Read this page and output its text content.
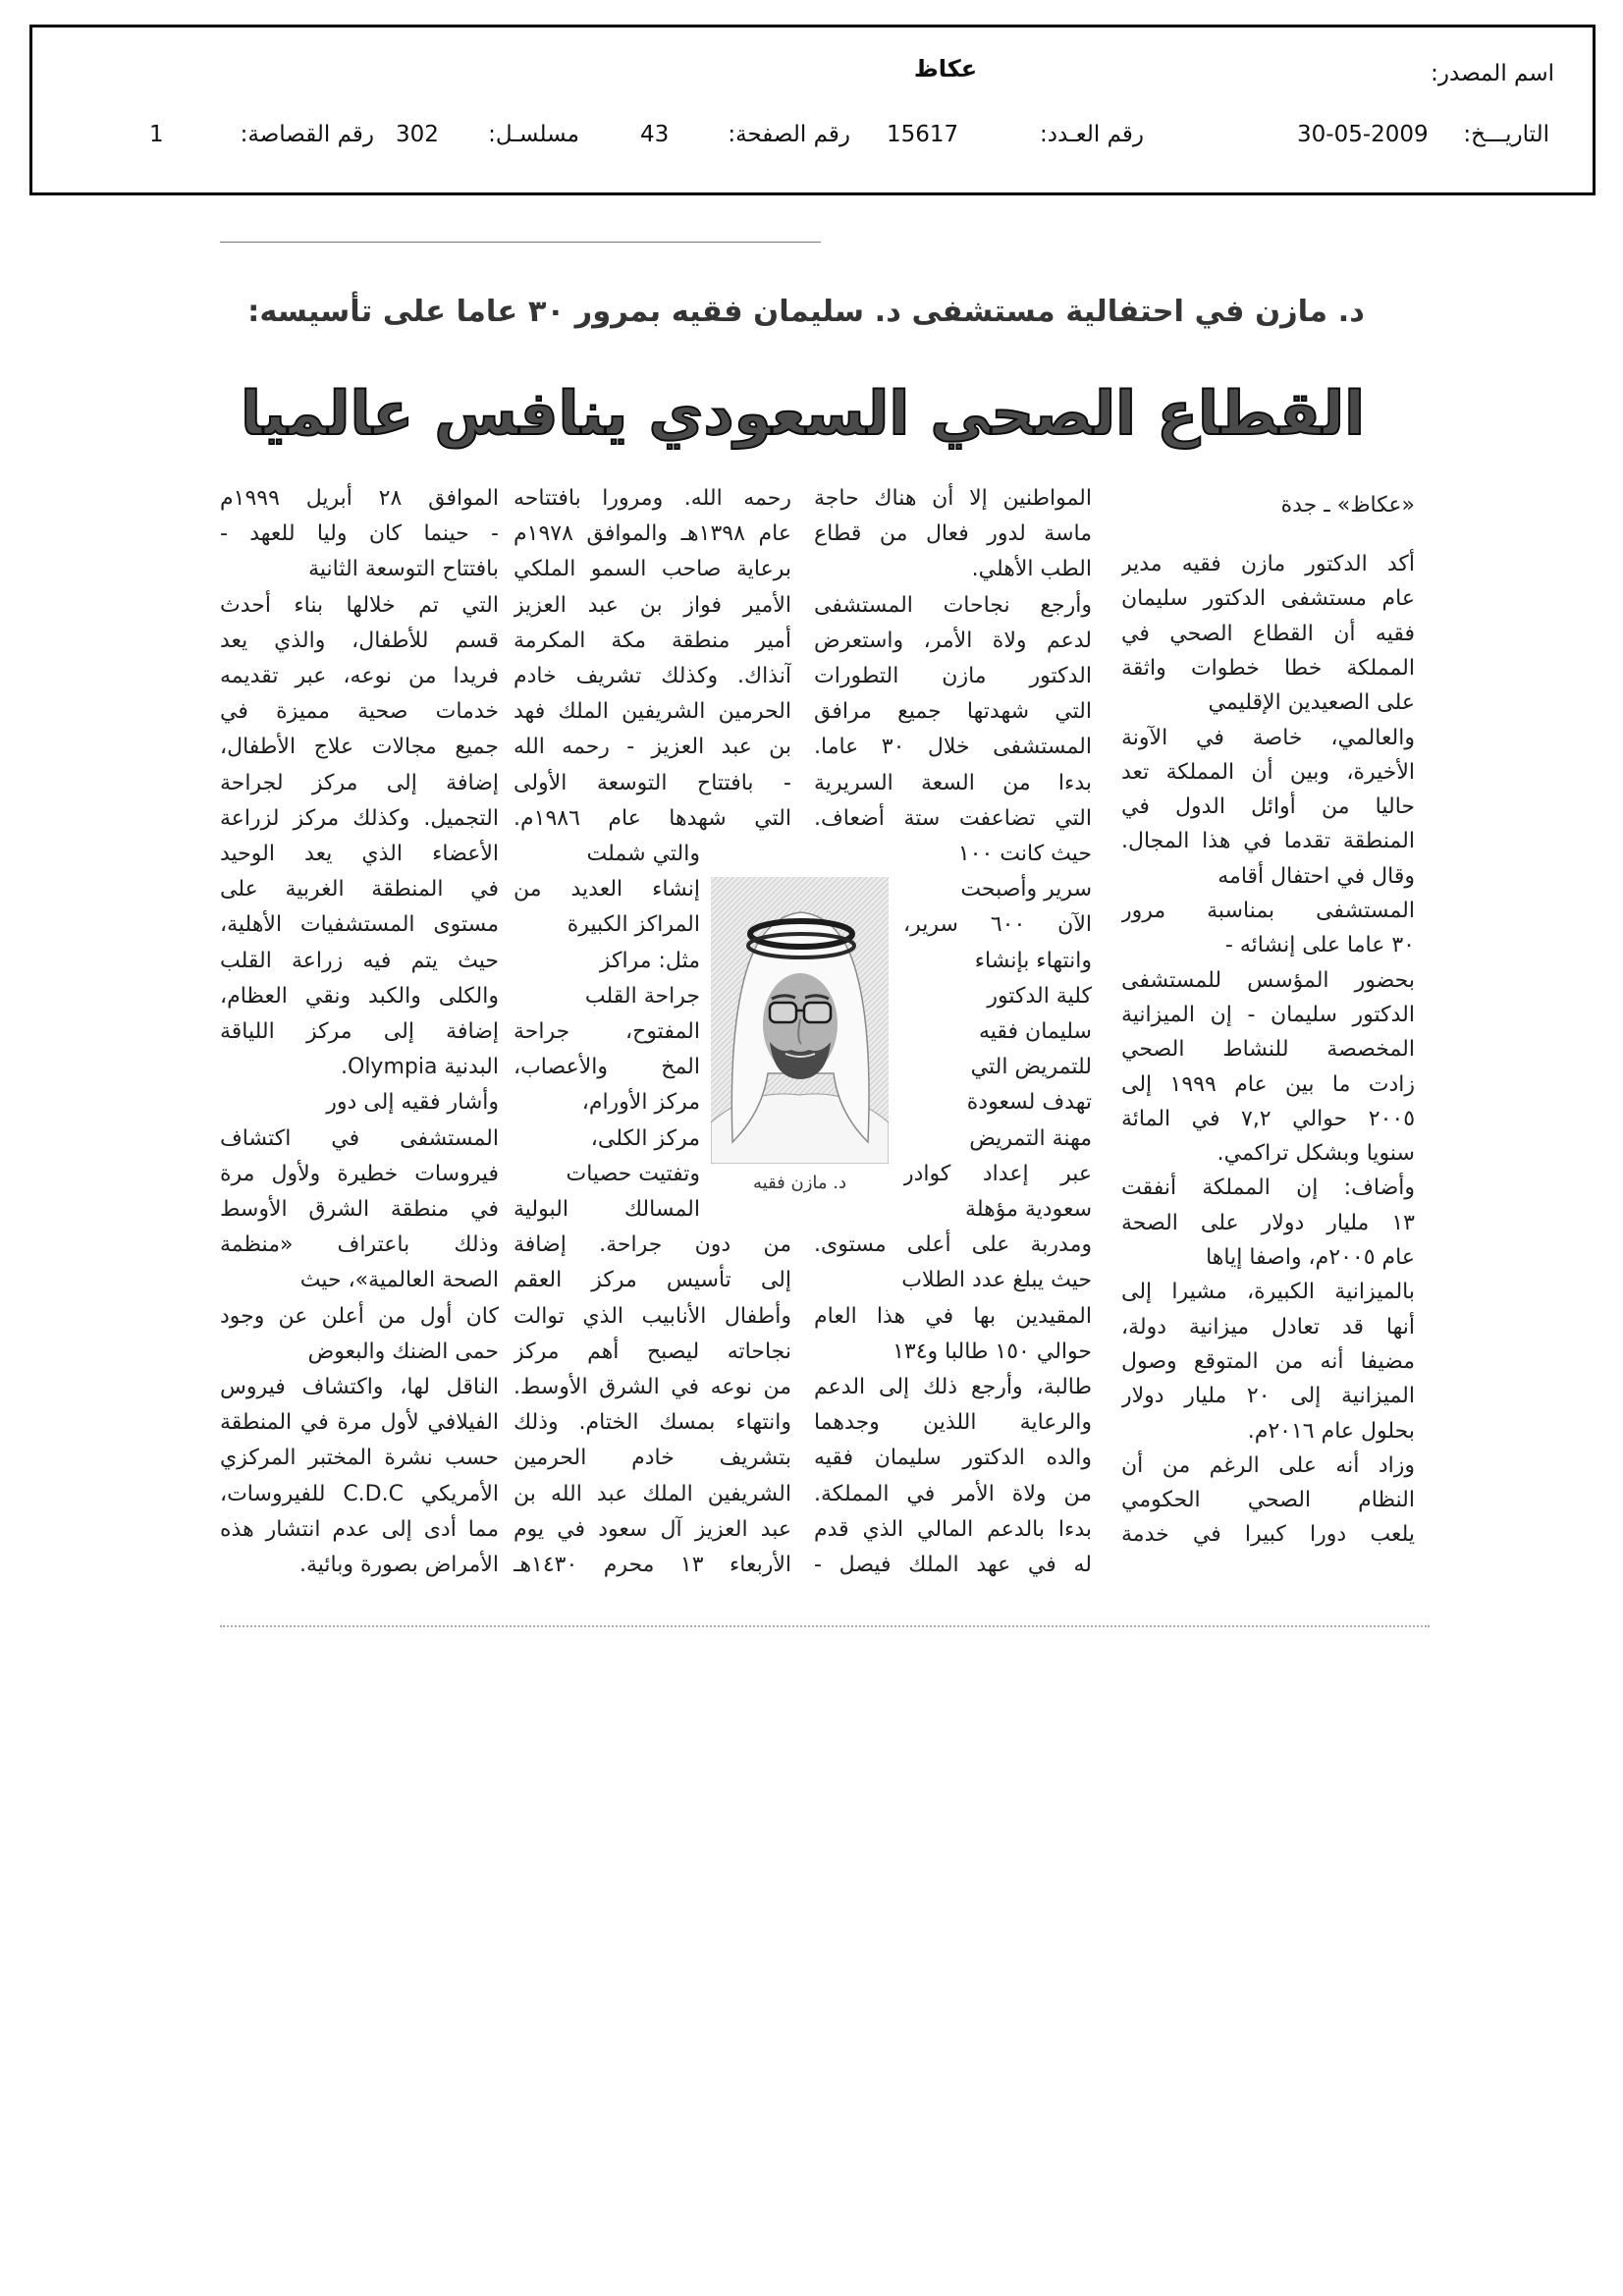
اسم المصدر:
عكاظ
التاريـــخ:
30-05-2009
رقم العـدد:
15617
رقم الصفحة:
43
مسلسـل:
302
رقم القصاصة:
1
د. مازن في احتفالية مستشفى د. سليمان فقيه بمرور ٣٠ عاما على تأسيسه:
القطاع الصحي السعودي ينافس عالميا
«عكاظ» ـ جدة
أكد الدكتور مازن فقيه مدير
عام مستشفى الدكتور سليمان
فقيه أن القطاع الصحي في
المملكة خطا خطوات واثقة
على الصعيدين الإقليمي
والعالمي، خاصة في الآونة
الأخيرة، وبين أن المملكة تعد
حاليا من أوائل الدول في
المنطقة تقدما في هذا المجال.
وقال في احتفال أقامه
المستشفى بمناسبة مرور
٣٠ عاما على إنشائه -
بحضور المؤسس للمستشفى
الدكتور سليمان - إن الميزانية
المخصصة للنشاط الصحي
زادت ما بين عام ١٩٩٩ إلى
٢٠٠٥ حوالي ٧,٢ في المائة
سنويا وبشكل تراكمي.
وأضاف: إن المملكة أنفقت
١٣ مليار دولار على الصحة
عام ٢٠٠٥م، واصفا إياها
بالميزانية الكبيرة، مشيرا إلى
أنها قد تعادل ميزانية دولة،
مضيفا أنه من المتوقع وصول
الميزانية إلى ٢٠ مليار دولار
بحلول عام ٢٠١٦م.
وزاد أنه على الرغم من أن
النظام الصحي الحكومي
يلعب دورا كبيرا في خدمة
المواطنين إلا أن هناك حاجة
ماسة لدور فعال من قطاع
الطب الأهلي.
وأرجع نجاحات المستشفى
لدعم ولاة الأمر، واستعرض
الدكتور مازن التطورات
التي شهدتها جميع مرافق
المستشفى خلال ٣٠ عاما.
بدءا من السعة السريرية
التي تضاعفت ستة أضعاف.
حيث كانت ١٠٠
سرير وأصبحت
الآن ٦٠٠ سرير،
وانتهاء بإنشاء
كلية الدكتور
سليمان فقيه
للتمريض التي
تهدف لسعودة
مهنة التمريض
عبر إعداد كوادر
سعودية مؤهلة
ومدربة على أعلى مستوى.
حيث يبلغ عدد الطلاب
المقيدين بها في هذا العام
حوالي ١٥٠ طالبا و١٣٤
طالبة، وأرجع ذلك إلى الدعم
والرعاية اللذين وجدهما
والده الدكتور سليمان فقيه
من ولاة الأمر في المملكة.
بدءا بالدعم المالي الذي قدم
له في عهد الملك فيصل -
رحمه الله. ومرورا بافتتاحه
عام ١٣٩٨هـ والموافق ١٩٧٨م
برعاية صاحب السمو الملكي
الأمير فواز بن عبد العزيز
أمير منطقة مكة المكرمة
آنذاك. وكذلك تشريف خادم
الحرمين الشريفين الملك فهد
بن عبد العزيز - رحمه الله
- بافتتاح التوسعة الأولى
التي شهدها عام ١٩٨٦م.
والتي شملت
إنشاء العديد من
المراكز الكبيرة
مثل: مراكز
جراحة القلب
المفتوح، جراحة
المخ والأعصاب،
مركز الأورام،
مركز الكلى،
وتفتيت حصيات
المسالك البولية
من دون جراحة. إضافة
إلى تأسيس مركز العقم
وأطفال الأنابيب الذي توالت
نجاحاته ليصبح أهم مركز
من نوعه في الشرق الأوسط.
وانتهاء بمسك الختام. وذلك
بتشريف خادم الحرمين
الشريفين الملك عبد الله بن
عبد العزيز آل سعود في يوم
الأربعاء ١٣ محرم ١٤٣٠هـ
الموافق ٢٨ أبريل ١٩٩٩م
- حينما كان وليا للعهد -
بافتتاح التوسعة الثانية
التي تم خلالها بناء أحدث
قسم للأطفال، والذي يعد
فريدا من نوعه، عبر تقديمه
خدمات صحية مميزة في
جميع مجالات علاج الأطفال،
إضافة إلى مركز لجراحة
التجميل. وكذلك مركز لزراعة
الأعضاء الذي يعد الوحيد
في المنطقة الغربية على
مستوى المستشفيات الأهلية،
حيث يتم فيه زراعة القلب
والكلى والكبد ونقي العظام،
إضافة إلى مركز اللياقة
البدنية Olympia.
وأشار فقيه إلى دور
المستشفى في اكتشاف
فيروسات خطيرة ولأول مرة
في منطقة الشرق الأوسط
وذلك باعتراف «منظمة
الصحة العالمية»، حيث
كان أول من أعلن عن وجود
حمى الضنك والبعوض
الناقل لها، واكتشاف فيروس
الفيلافي لأول مرة في المنطقة
حسب نشرة المختبر المركزي
الأمريكي C.D.C للفيروسات،
مما أدى إلى عدم انتشار هذه
الأمراض بصورة وبائية.
د. مازن فقيه
